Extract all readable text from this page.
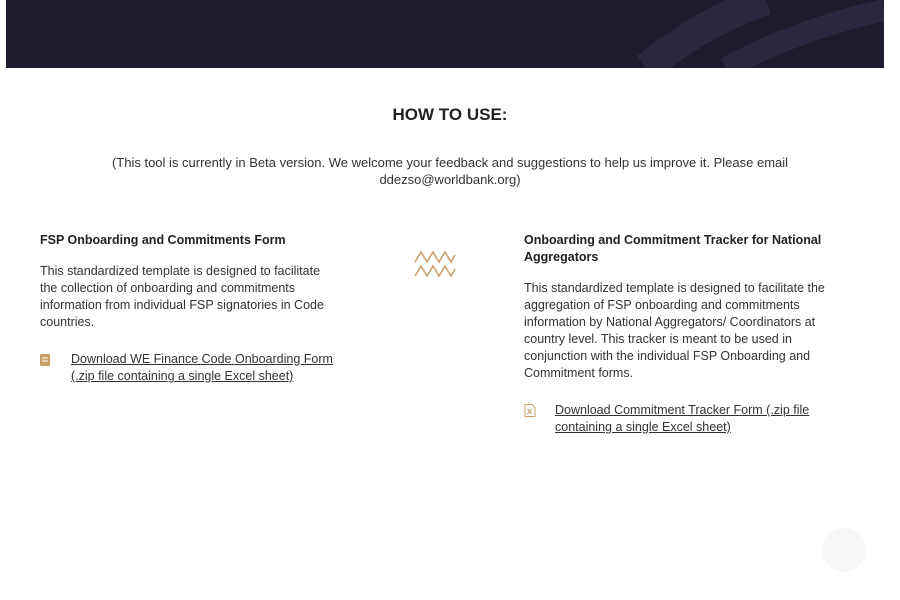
HOW TO USE:
(This tool is currently in Beta version. We welcome your feedback and suggestions to help us improve it. Please email ddezso@worldbank.org)
FSP Onboarding and Commitments Form

This standardized template is designed to facilitate the collection of onboarding and commitments information from individual FSP signatories in Code countries.

Download WE Finance Code Onboarding Form (.zip file containing a single Excel sheet)
Onboarding and Commitment Tracker for National Aggregators

This standardized template is designed to facilitate the aggregation of FSP onboarding and commitments information by National Aggregators/ Coordinators at country level. This tracker is meant to be used in conjunction with the individual FSP Onboarding and Commitment forms.

Download Commitment Tracker Form (.zip file containing a single Excel sheet)
